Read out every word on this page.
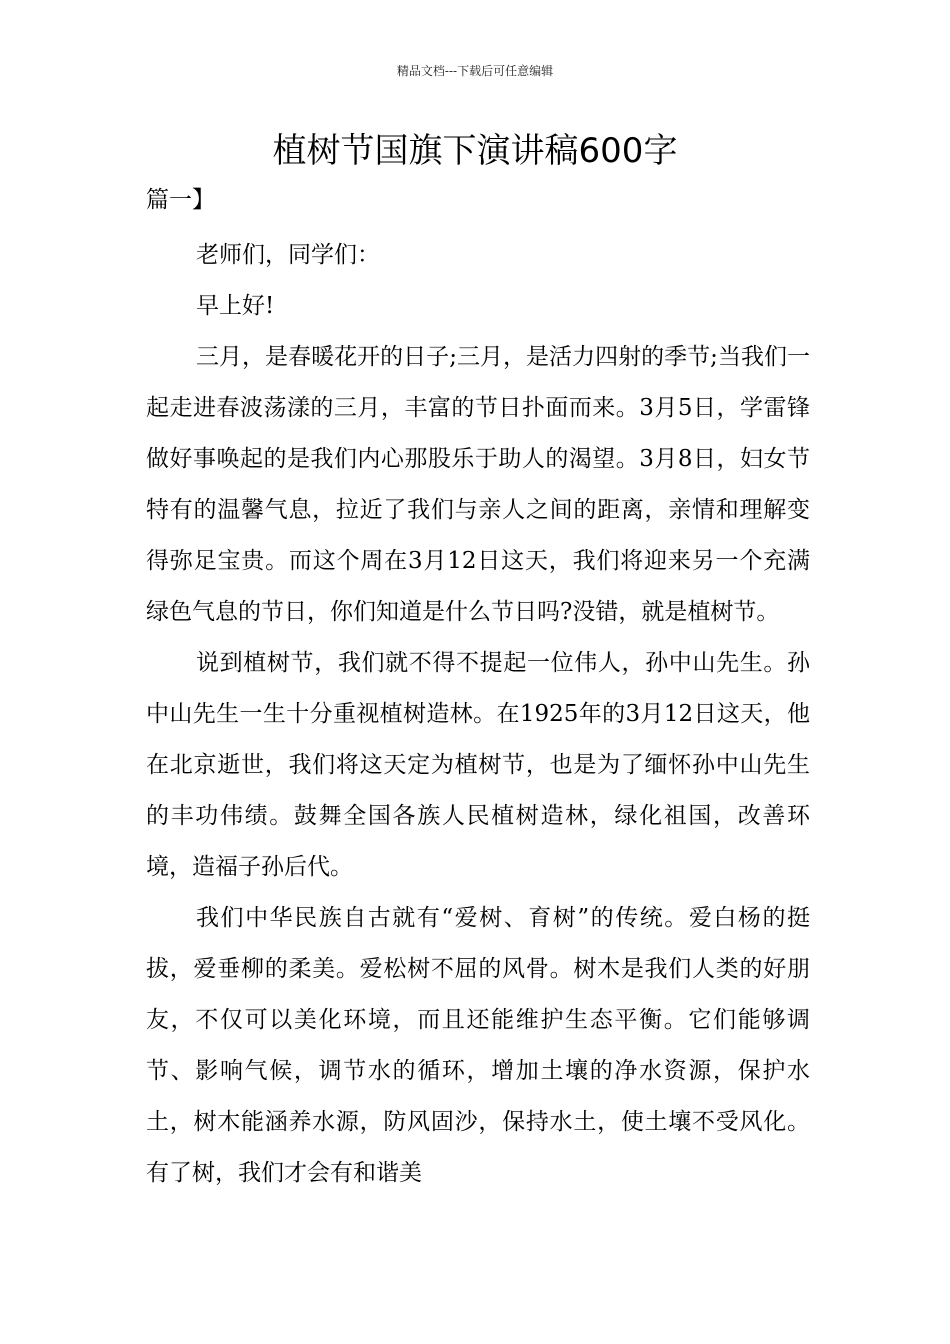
精品文档---下载后可任意编辑
植树节国旗下演讲稿600字
篇一】

老师们，同学们：

早上好!

三月，是春暖花开的日子;三月，是活力四射的季节;当我们一起走进春波荡漾的三月，丰富的节日扑面而来。3月5日，学雷锋做好事唤起的是我们内心那股乐于助人的渴望。3月8日，妇女节特有的温馨气息，拉近了我们与亲人之间的距离，亲情和理解变得弥足宝贵。而这个周在3月12日这天，我们将迎来另一个充满绿色气息的节日，你们知道是什么节日吗?没错，就是植树节。

说到植树节，我们就不得不提起一位伟人，孙中山先生。孙中山先生一生十分重视植树造林。在1925年的3月12日这天，他在北京逝世，我们将这天定为植树节，也是为了缅怀孙中山先生的丰功伟绩。鼓舞全国各族人民植树造林，绿化祖国，改善环境，造福子孙后代。

我们中华民族自古就有“爱树、育树”的传统。爱白杨的挺拔，爱垂柳的柔美。爱松树不屈的风骨。树木是我们人类的好朋友，不仅可以美化环境，而且还能维护生态平衡。它们能够调节、影响气候，调节水的循环，增加土壤的净水资源，保护水土，树木能涵养水源，防风固沙，保持水土，使土壤不受风化。 有了树，我们才会有和谐美
